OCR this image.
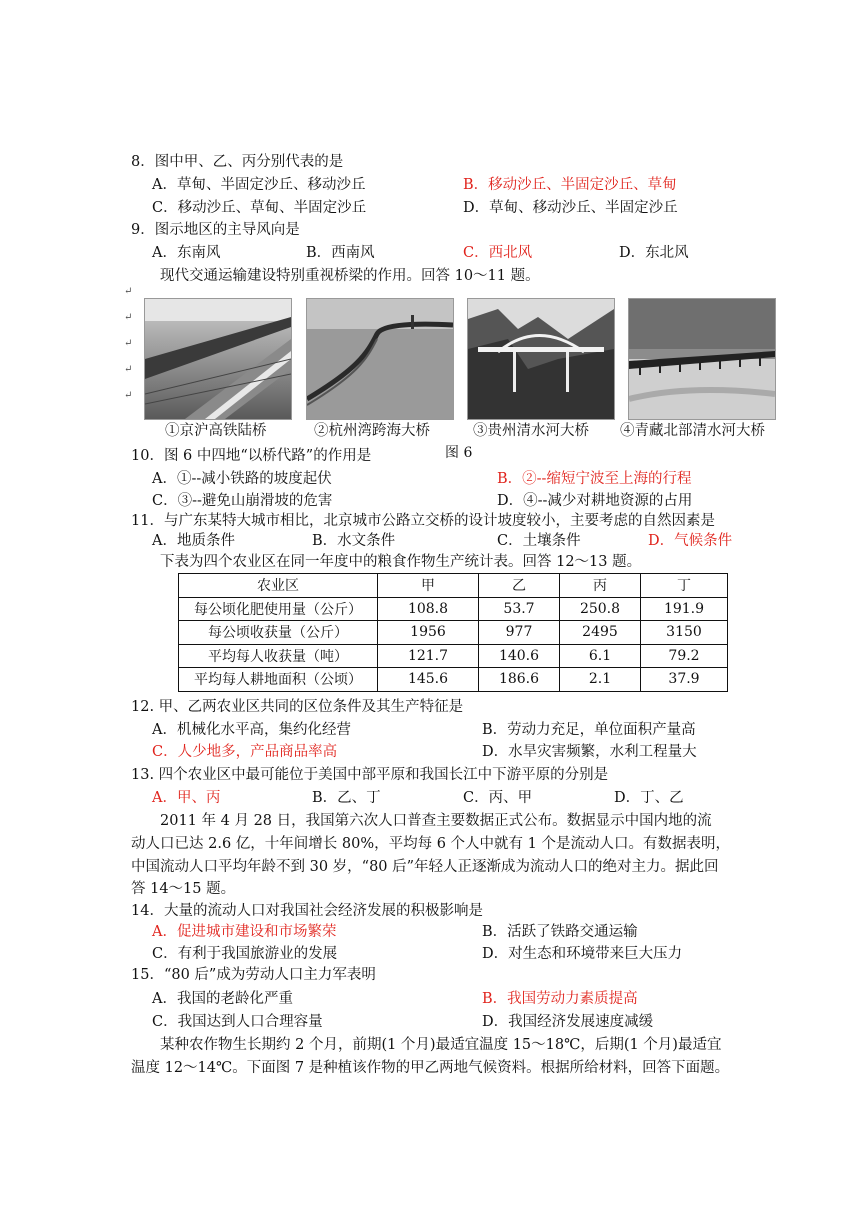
8．图中甲、乙、丙分别代表的是
A．草甸、半固定沙丘、移动沙丘	B．移动沙丘、半固定沙丘、草甸
C．移动沙丘、草甸、半固定沙丘	D．草甸、移动沙丘、半固定沙丘
9．图示地区的主导风向是
A．东南风	B．西南风	C．西北风	D．东北风
现代交通运输建设特别重视桥梁的作用。回答 10～11 题。
↵
↵
↵
↵
↵
①京沪高铁陆桥	②杭州湾跨海大桥	③贵州清水河大桥 ④青藏北部清水河大桥
图 6
10．图 6 中四地“以桥代路”的作用是
A．①--减小铁路的坡度起伏	B．②--缩短宁波至上海的行程
C．③--避免山崩滑坡的危害	D．④--减少对耕地资源的占用
11．与广东某特大城市相比，北京城市公路立交桥的设计坡度较小，主要考虑的自然因素是
A．地质条件	B．水文条件	C．土壤条件	D．气候条件
下表为四个农业区在同一年度中的粮食作物生产统计表。回答 12～13 题。
农业区	甲	乙	丙	丁
每公顷化肥使用量（公斤）	108.8	53.7	250.8	191.9
每公顷收获量（公斤）	1956	977	2495	3150
平均每人收获量（吨）	121.7	140.6	6.1	79.2
平均每人耕地面积（公顷）	145.6	186.6	2.1	37.9
12. 甲、乙两农业区共同的区位条件及其生产特征是
A．机械化水平高，集约化经营	B．劳动力充足，单位面积产量高
C．人少地多，产品商品率高	D．水旱灾害频繁，水利工程量大
13. 四个农业区中最可能位于美国中部平原和我国长江中下游平原的分别是
A．甲、丙	B．乙、丁	C．丙、甲	D．丁、乙
2011 年 4 月 28 日，我国第六次人口普查主要数据正式公布。数据显示中国内地的流
动人口已达 2.6 亿，十年间增长 80%，平均每 6 个人中就有 1 个是流动人口。有数据表明，
中国流动人口平均年龄不到 30 岁，“80 后”年轻人正逐渐成为流动人口的绝对主力。据此回
答 14～15 题。
14．大量的流动人口对我国社会经济发展的积极影响是
A．促进城市建设和市场繁荣	B．活跃了铁路交通运输
C．有利于我国旅游业的发展	D．对生态和环境带来巨大压力
15．“80 后”成为劳动人口主力军表明
A．我国的老龄化严重	B．我国劳动力素质提高
C．我国达到人口合理容量	D．我国经济发展速度减缓
某种农作物生长期约 2 个月，前期(1 个月)最适宜温度 15～18℃，后期(1 个月)最适宜
温度 12～14℃。下面图 7 是种植该作物的甲乙两地气候资料。根据所给材料，回答下面题。
